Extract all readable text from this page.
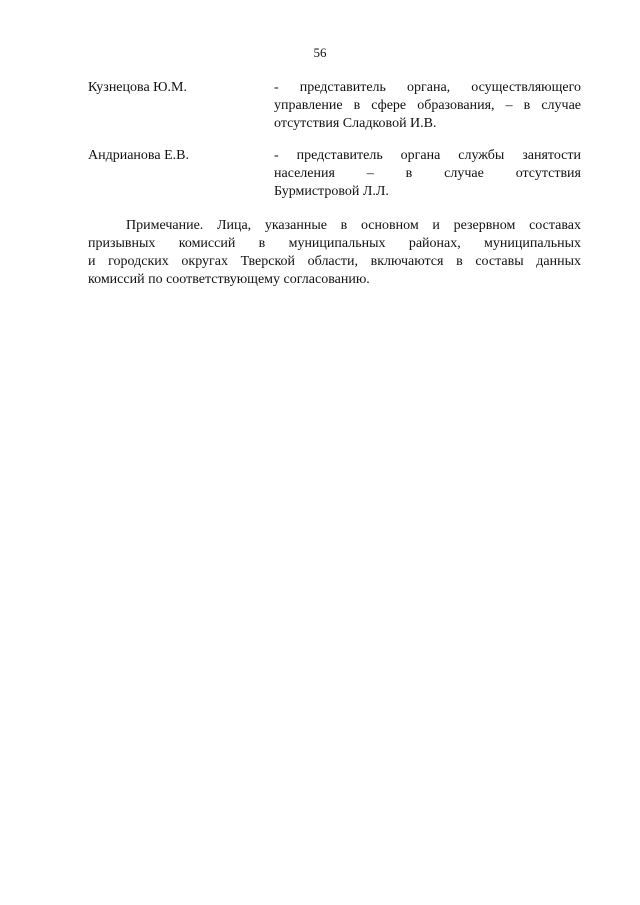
56
Кузнецова Ю.М.	- представитель органа, осуществляющего
управление в сфере образования, – в случае
отсутствия Сладковой И.В.
Андрианова Е.В.	- представитель органа службы занятости
населения – в случае отсутствия
Бурмистровой Л.Л.
Примечание. Лица, указанные в основном и резервном составах
призывных комиссий в муниципальных районах, муниципальных
и городских округах Тверской области, включаются в составы данных
комиссий по соответствующему согласованию.
